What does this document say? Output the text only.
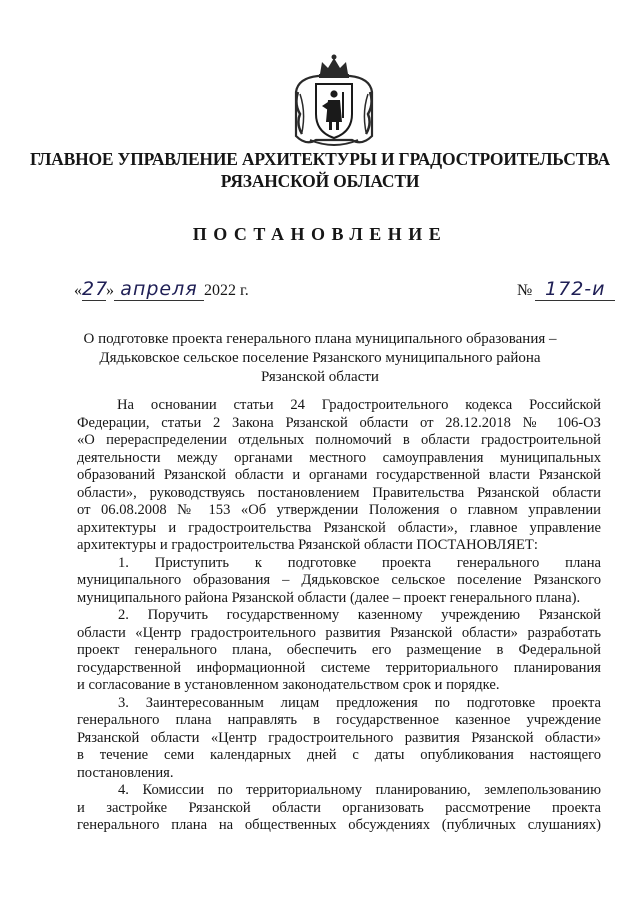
ГЛАВНОЕ УПРАВЛЕНИЕ АРХИТЕКТУРЫ И ГРАДОСТРОИТЕЛЬСТВА
РЯЗАНСКОЙ ОБЛАСТИ
ПОСТАНОВЛЕНИЕ
« 27
» апреля 2022 г.	№ 172-и
О подготовке проекта генерального плана муниципального образования –
Дядьковское сельское поселение Рязанского муниципального района
Рязанской области
На основании статьи 24 Градостроительного кодекса Российской
Федерации, статьи 2 Закона Рязанской области от 28.12.2018 № 106-ОЗ
«О перераспределении отдельных полномочий в области градостроительной
деятельности между органами местного самоуправления муниципальных
образований Рязанской области и органами государственной власти Рязанской
области», руководствуясь постановлением Правительства Рязанской области
от 06.08.2008 № 153 «Об утверждении Положения о главном управлении
архитектуры и градостроительства Рязанской области», главное управление
архитектуры и градостроительства Рязанской области ПОСТАНОВЛЯЕТ:
1. Приступить к подготовке проекта генерального плана
муниципального образования – Дядьковское сельское поселение Рязанского
муниципального района Рязанской области (далее – проект генерального плана).
2. Поручить государственному казенному учреждению Рязанской
области «Центр градостроительного развития Рязанской области» разработать
проект генерального плана, обеспечить его размещение в Федеральной
государственной информационной системе территориального планирования
и согласование в установленном законодательством срок и порядке.
3. Заинтересованным лицам предложения по подготовке проекта
генерального плана направлять в государственное казенное учреждение
Рязанской области «Центр градостроительного развития Рязанской области»
в течение семи календарных дней с даты опубликования настоящего
постановления.
4. Комиссии по территориальному планированию, землепользованию
и застройке Рязанской области организовать рассмотрение проекта
генерального плана на общественных обсуждениях (публичных слушаниях)
